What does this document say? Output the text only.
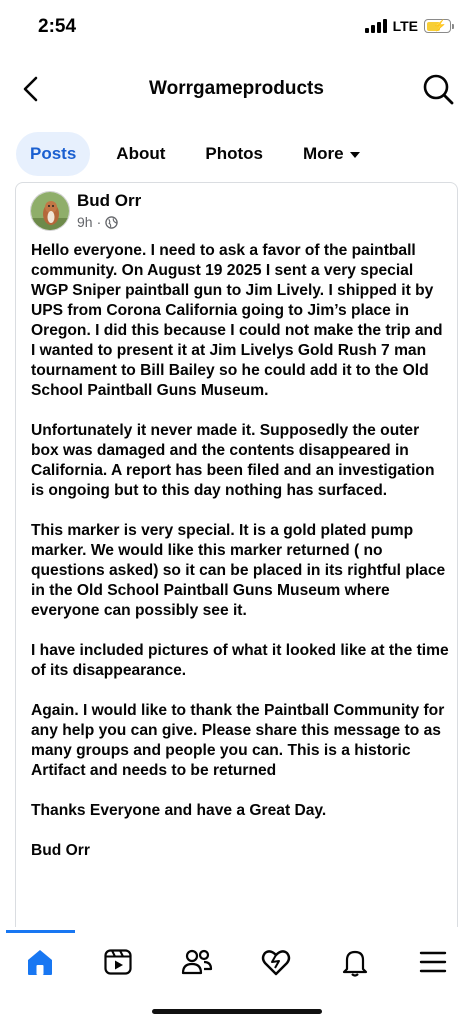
2:54	LTE ⚡
Worrgameproducts
Posts About Photos More
Bud Orr
9h ·

Hello everyone. I need to ask a favor of the paintball community. On August 19 2025 I sent a very special WGP Sniper paintball gun to Jim Lively. I shipped it by UPS from Corona California going to Jim’s place in Oregon. I did this because I could not make the trip and I wanted to present it at Jim Livelys Gold Rush 7 man tournament to Bill Bailey so he could add it to the Old School Paintball Guns Museum.

Unfortunately it never made it. Supposedly the outer box was damaged and the contents disappeared in          California. A report has been filed and an investigation is ongoing but to this day nothing has surfaced.

This marker is very special. It is a gold plated pump marker. We would like this marker returned ( no questions asked) so it can be placed in its rightful place in the Old School Paintball Guns Museum where everyone can possibly see it.

I have included pictures of what it looked like at the time of its disappearance.

Again. I would like to thank the Paintball Community for any help you can give. Please share this message to as many groups and people you can. This is a historic Artifact and needs to be returned

Thanks Everyone and have a Great Day.

Bud Orr
